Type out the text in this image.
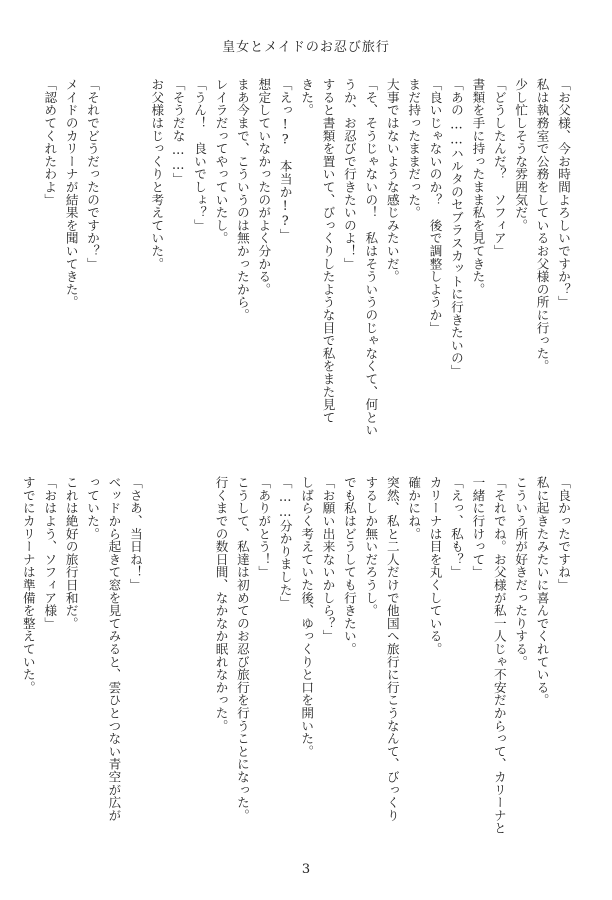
皇女とメイドのお忍び旅行
「お父様、今お時間よろしいですか？」
私は執務室で公務をしているお父様の所に行った。
少し忙しそうな雰囲気だ。
「どうしたんだ？　ソフィア」
書類を手に持ったまま私を見てきた。
「あの……ハルタのセブラスカットに行きたいの」
「良いじゃないのか？　後で調整しようか」
まだ持ったままだった。
大事ではないような感じみたいだ。
「そ、そうじゃないの！　私はそういうのじゃなくて、何とい
うか、お忍びで行きたいのよ！」
すると書類を置いて、びっくりしたような目で私をまた見て
きた。
「えっ!?　本当か!?」
想定していなかったのがよく分かる。
まあ今まで、こういうのは無かったから。
レイラだってやっていたし。
「うん！　良いでしょ？」
「そうだな……」
お父様はじっくりと考えていた。

「それでどうだったのですか？」
メイドのカリーナが結果を聞いてきた。
「認めてくれたわよ」
「良かったですね」
私に起きたみたいに喜んでくれている。
こういう所が好きだったりする。
「それでね。お父様が私一人じゃ不安だからって、カリーナと
一緒に行けって」
「えっ、私も？」
カリーナは目を丸くしている。
確かにね。
突然、私と二人だけで他国へ旅行に行こうなんて、びっくり
するしか無いだろうし。
でも私はどうしても行きたい。
「お願い出来ないかしら？」
しばらく考えていた後、ゆっくりと口を開いた。
「……分かりました」
「ありがとう！」
こうして、私達は初めてのお忍び旅行を行うことになった。
行くまでの数日間、なかなか眠れなかった。

「さあ、当日ね！」
ベッドから起きて窓を見てみると、雲ひとつない青空が広が
っていた。
これは絶好の旅行日和だ。
「おはよう、ソフィア様」
すでにカリーナは準備を整えていた。

3
